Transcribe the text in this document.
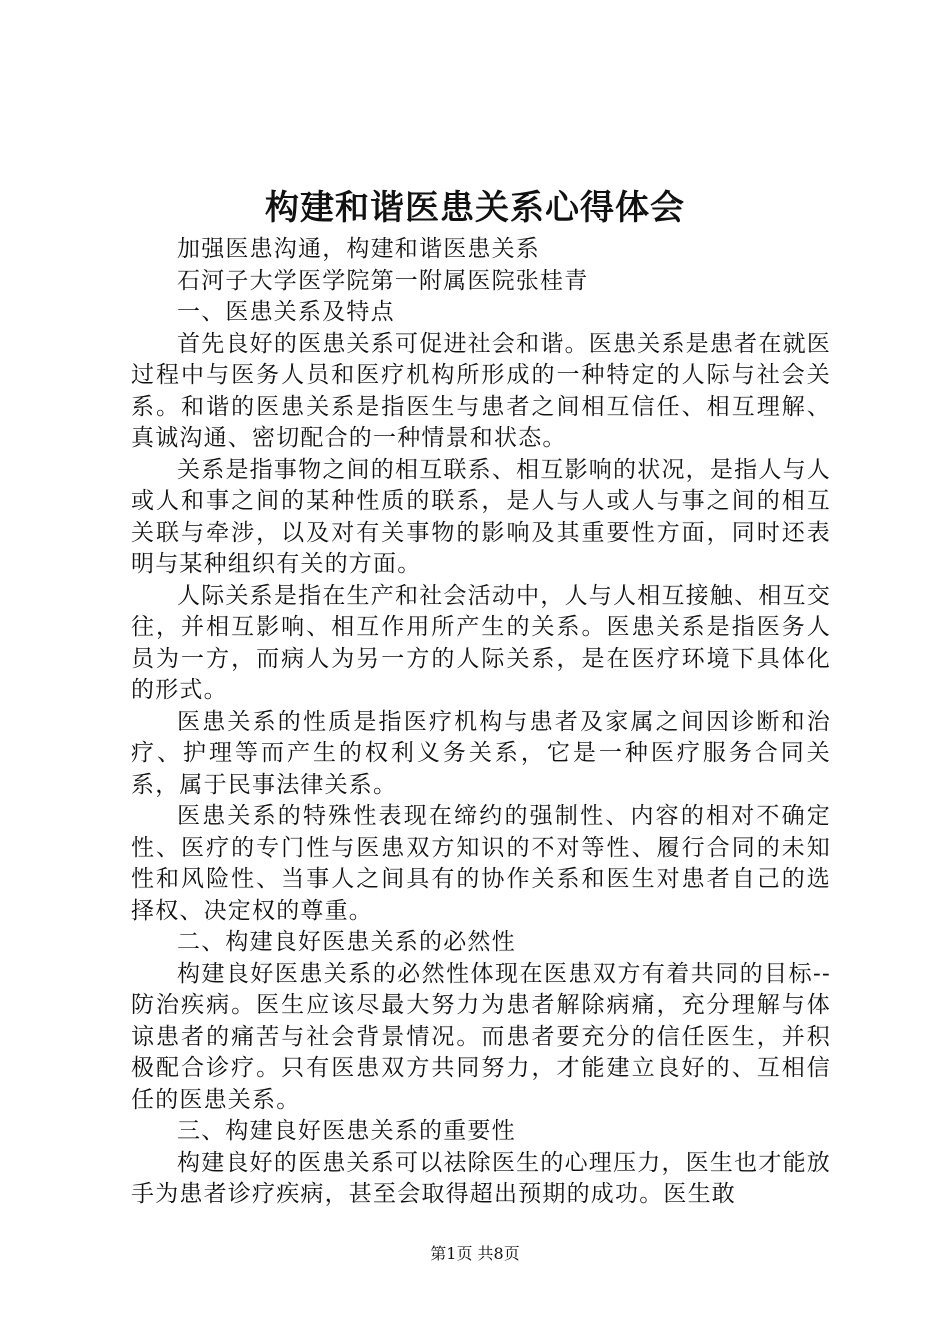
构建和谐医患关系心得体会

加强医患沟通，构建和谐医患关系

石河子大学医学院第一附属医院张桂青

一、医患关系及特点

首先良好的医患关系可促进社会和谐。医患关系是患者在就医过程中与医务人员和医疗机构所形成的一种特定的人际与社会关系。和谐的医患关系是指医生与患者之间相互信任、相互理解、真诚沟通、密切配合的一种情景和状态。

关系是指事物之间的相互联系、相互影响的状况，是指人与人或人和事之间的某种性质的联系，是人与人或人与事之间的相互关联与牵涉，以及对有关事物的影响及其重要性方面，同时还表明与某种组织有关的方面。

人际关系是指在生产和社会活动中，人与人相互接触、相互交往，并相互影响、相互作用所产生的关系。医患关系是指医务人员为一方，而病人为另一方的人际关系，是在医疗环境下具体化的形式。

医患关系的性质是指医疗机构与患者及家属之间因诊断和治疗、护理等而产生的权利义务关系，它是一种医疗服务合同关系，属于民事法律关系。

医患关系的特殊性表现在缔约的强制性、内容的相对不确定性、医疗的专门性与医患双方知识的不对等性、履行合同的未知性和风险性、当事人之间具有的协作关系和医生对患者自己的选择权、决定权的尊重。

二、构建良好医患关系的必然性

构建良好医患关系的必然性体现在医患双方有着共同的目标--防治疾病。医生应该尽最大努力为患者解除病痛，充分理解与体谅患者的痛苦与社会背景情况。而患者要充分的信任医生，并积极配合诊疗。只有医患双方共同努力，才能建立良好的、互相信任的医患关系。

三、构建良好医患关系的重要性

构建良好的医患关系可以祛除医生的心理压力，医生也才能放手为患者诊疗疾病，甚至会取得超出预期的成功。医生敢

第1页 共8页
